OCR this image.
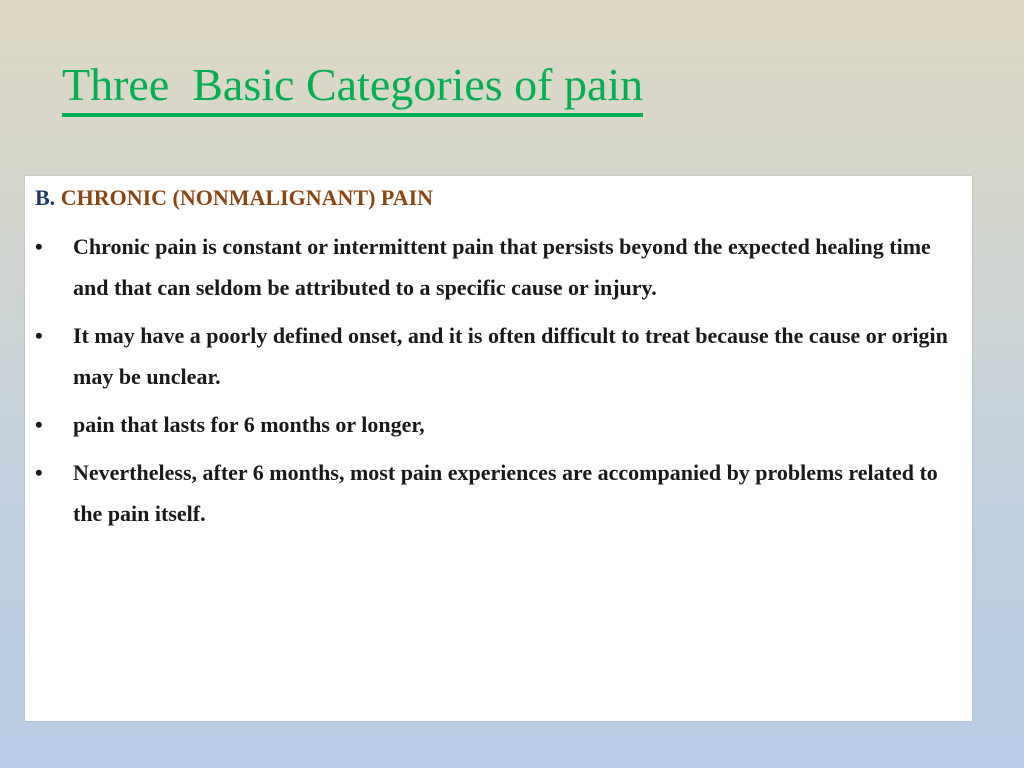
Three  Basic Categories of pain
B. CHRONIC (NONMALIGNANT) PAIN
• Chronic pain is constant or intermittent pain that persists beyond the expected healing time and that can seldom be attributed to a specific cause or injury.
• It may have a poorly defined onset, and it is often difficult to treat because the cause or origin may be unclear.
• pain that lasts for 6 months or longer,
• Nevertheless, after 6 months, most pain experiences are accompanied by problems related to the pain itself.
